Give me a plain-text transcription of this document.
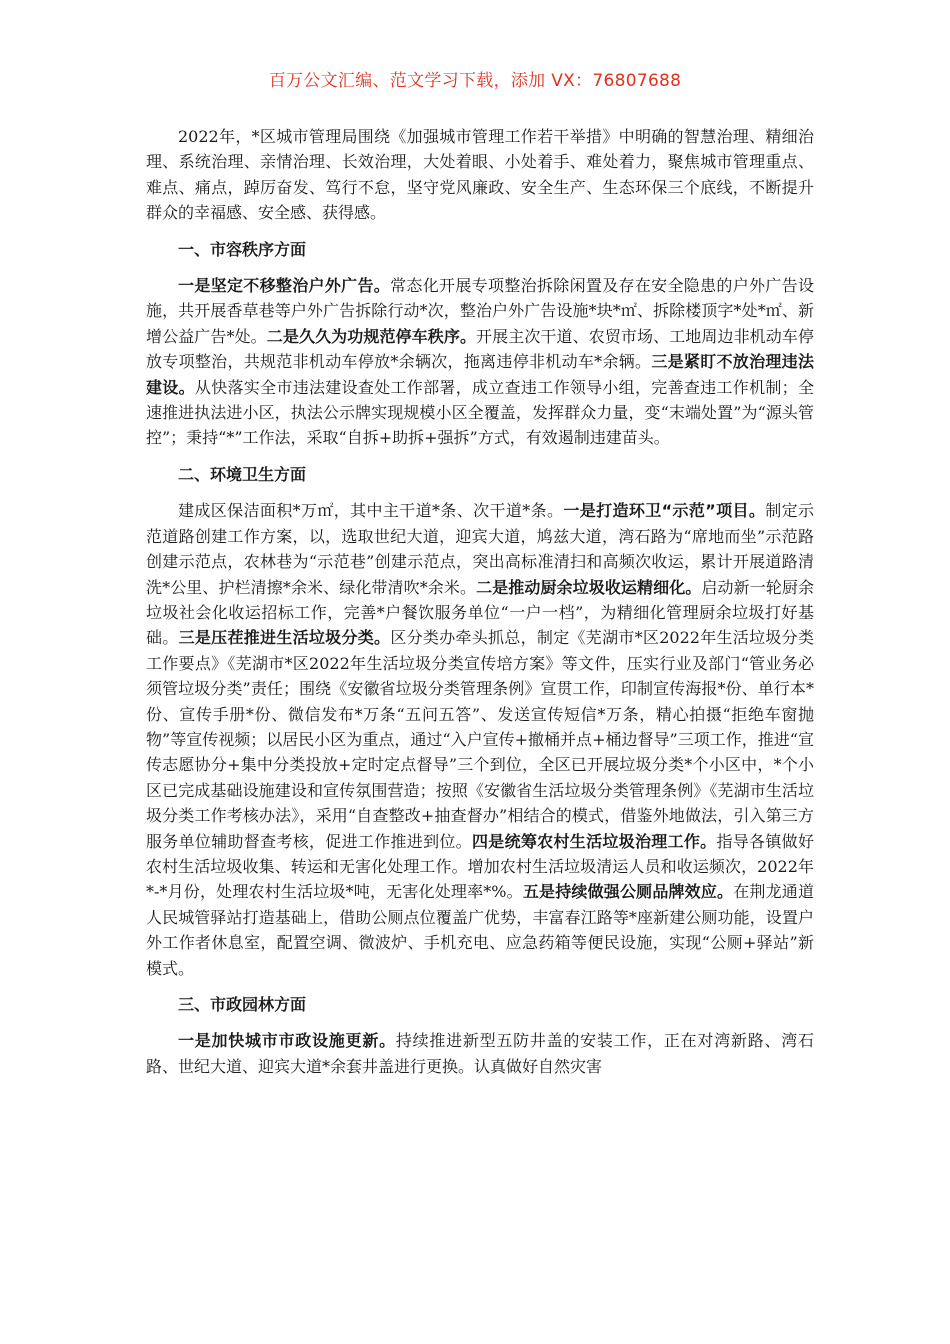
百万公文汇编、范文学习下载，添加 VX：76807688

2022年，*区城市管理局围绕《加强城市管理工作若干举措》中明确的智慧治理、精细治理、系统治理、亲情治理、长效治理，大处着眼、小处着手、难处着力，聚焦城市管理重点、难点、痛点，踔厉奋发、笃行不怠，坚守党风廉政、安全生产、生态环保三个底线，不断提升群众的幸福感、安全感、获得感。

一、市容秩序方面

一是坚定不移整治户外广告。常态化开展专项整治拆除闲置及存在安全隐患的户外广告设施，共开展香草巷等户外广告拆除行动*次，整治户外广告设施*块*㎡、拆除楼顶字*处*㎡、新增公益广告*处。二是久久为功规范停车秩序。开展主次干道、农贸市场、工地周边非机动车停放专项整治，共规范非机动车停放*余辆次，拖离违停非机动车*余辆。三是紧盯不放治理违法建设。从快落实全市违法建设查处工作部署，成立查违工作领导小组，完善查违工作机制；全速推进执法进小区，执法公示牌实现规模小区全覆盖，发挥群众力量，变“末端处置”为“源头管控”；秉持“*”工作法，采取“自拆+助拆+强拆”方式，有效遏制违建苗头。

二、环境卫生方面

建成区保洁面积*万㎡，其中主干道*条、次干道*条。一是打造环卫“示范”项目。制定示范道路创建工作方案，以，选取世纪大道，迎宾大道，鸠兹大道，湾石路为“席地而坐”示范路创建示范点，农林巷为“示范巷”创建示范点，突出高标准清扫和高频次收运，累计开展道路清洗*公里、护栏清擦*余米、绿化带清吹*余米。二是推动厨余垃圾收运精细化。启动新一轮厨余垃圾社会化收运招标工作，完善*户餐饮服务单位“一户一档”，为精细化管理厨余垃圾打好基础。三是压茬推进生活垃圾分类。区分类办牵头抓总，制定《芜湖市*区2022年生活垃圾分类工作要点》《芜湖市*区2022年生活垃圾分类宣传培方案》等文件，压实行业及部门“管业务必须管垃圾分类”责任；围绕《安徽省垃圾分类管理条例》宣贯工作，印制宣传海报*份、单行本*份、宣传手册*份、微信发布*万条“五问五答”、发送宣传短信*万条，精心拍摄“拒绝车窗抛物”等宣传视频；以居民小区为重点，通过“入户宣传+撤桶并点+桶边督导”三项工作，推进“宣传志愿协分+集中分类投放+定时定点督导”三个到位，全区已开展垃圾分类*个小区中，*个小区已完成基础设施建设和宣传氛围营造；按照《安徽省生活垃圾分类管理条例》《芜湖市生活垃圾分类工作考核办法》，采用“自查整改+抽查督办”相结合的模式，借鉴外地做法，引入第三方服务单位辅助督查考核，促进工作推进到位。四是统筹农村生活垃圾治理工作。指导各镇做好农村生活垃圾收集、转运和无害化处理工作。增加农村生活垃圾清运人员和收运频次，2022年*-*月份，处理农村生活垃圾*吨，无害化处理率*%。五是持续做强公厕品牌效应。在荆龙通道人民城管驿站打造基础上，借助公厕点位覆盖广优势，丰富春江路等*座新建公厕功能，设置户外工作者休息室，配置空调、微波炉、手机充电、应急药箱等便民设施，实现“公厕+驿站”新模式。

三、市政园林方面

一是加快城市市政设施更新。持续推进新型五防井盖的安装工作，正在对湾新路、湾石路、世纪大道、迎宾大道*余套井盖进行更换。认真做好自然灾害
